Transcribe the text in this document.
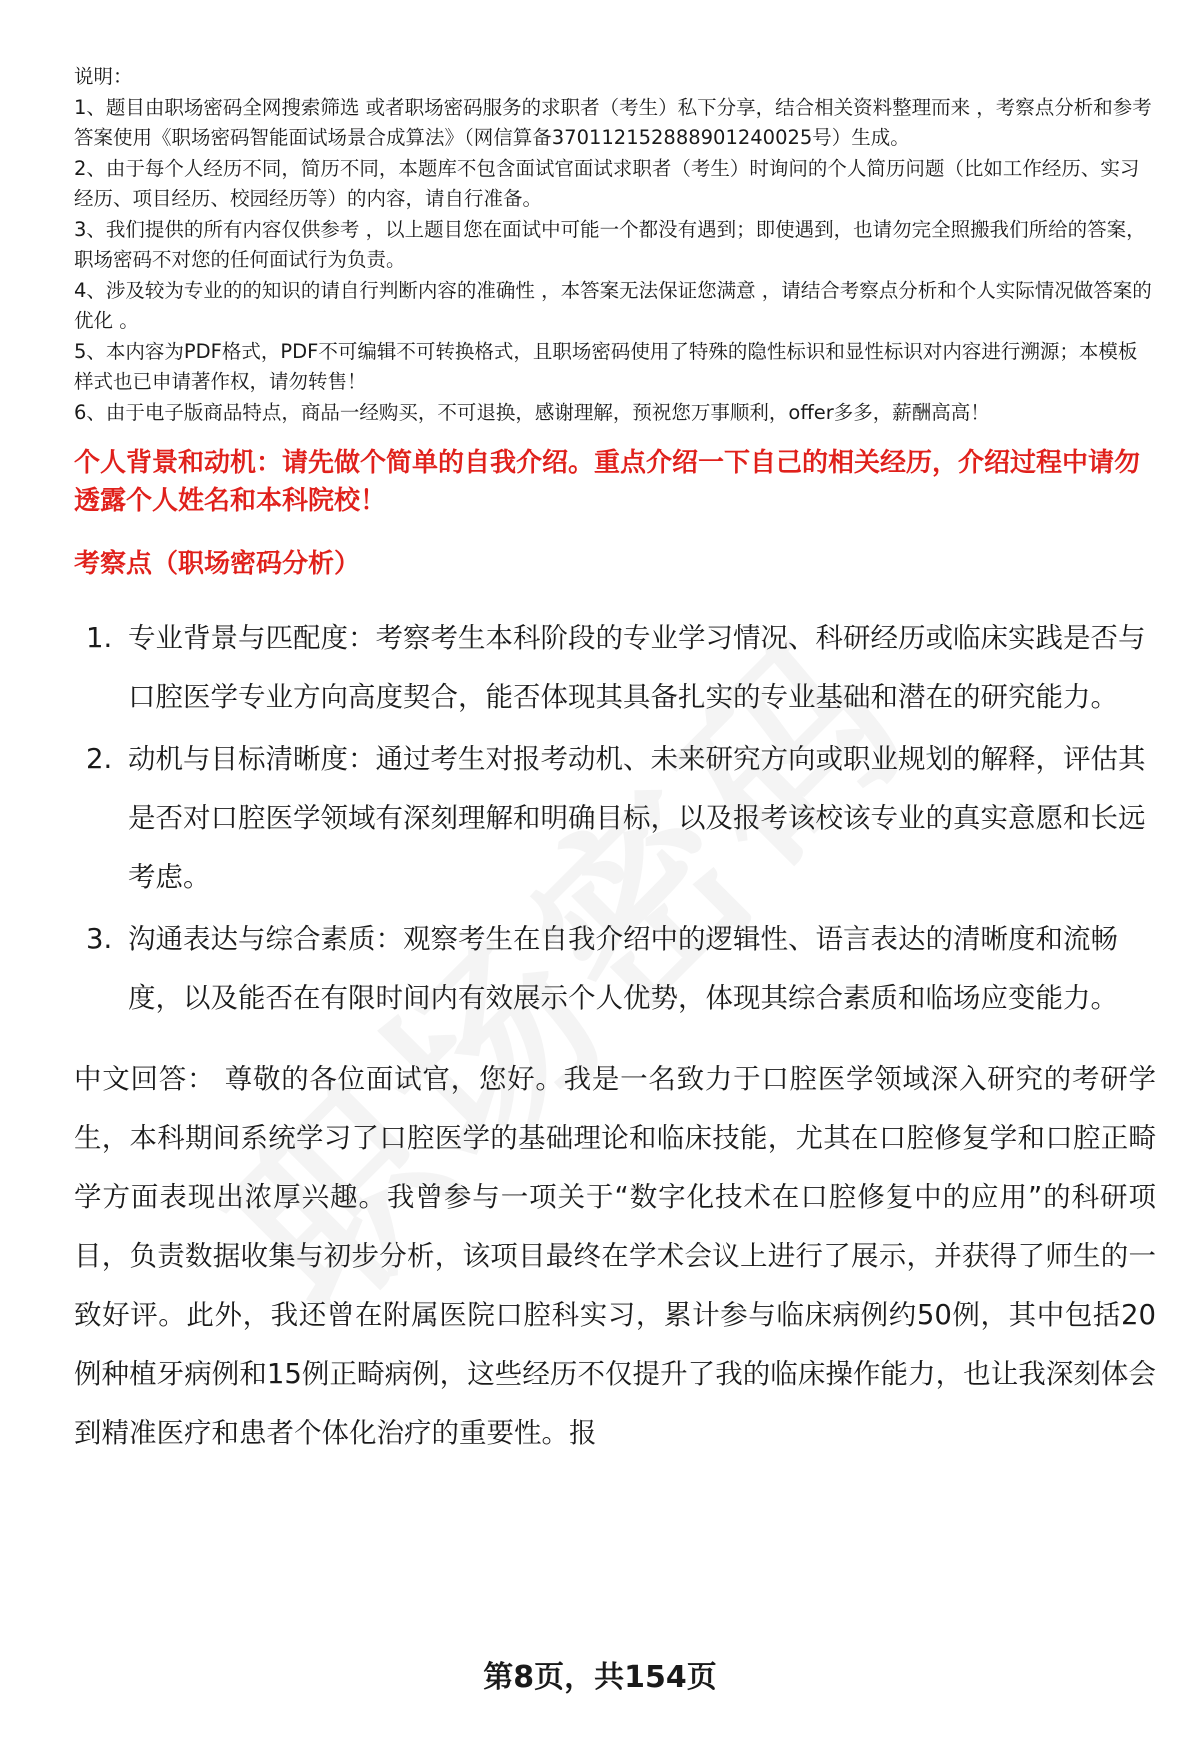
说明：

1、题目由职场密码全网搜索筛选 或者职场密码服务的求职者（考生）私下分享，结合相关资料整理而来 ，考察点分析和参考答案使用《职场密码智能面试场景合成算法》（网信算备370112152888901240025号）生成。

2、由于每个人经历不同，简历不同，本题库不包含面试官面试求职者（考生）时询问的个人简历问题（比如工作经历、实习经历、项目经历、校园经历等）的内容，请自行准备。

3、我们提供的所有内容仅供参考 ，以上题目您在面试中可能一个都没有遇到；即使遇到，也请勿完全照搬我们所给的答案，职场密码不对您的任何面试行为负责。

4、涉及较为专业的的知识的请自行判断内容的准确性 ，本答案无法保证您满意 ，请结合考察点分析和个人实际情况做答案的优化 。

5、本内容为PDF格式，PDF不可编辑不可转换格式，且职场密码使用了特殊的隐性标识和显性标识对内容进行溯源；本模板样式也已申请著作权，请勿转售！

6、由于电子版商品特点，商品一经购买，不可退换，感谢理解，预祝您万事顺利，offer多多，薪酬高高！

个人背景和动机：请先做个简单的自我介绍。重点介绍一下自己的相关经历，介绍过程中请勿透露个人姓名和本科院校！
考察点（职场密码分析）
1. 专业背景与匹配度：考察考生本科阶段的专业学习情况、科研经历或临床实践是否与口腔医学专业方向高度契合，能否体现其具备扎实的专业基础和潜在的研究能力。
2. 动机与目标清晰度：通过考生对报考动机、未来研究方向或职业规划的解释，评估其是否对口腔医学领域有深刻理解和明确目标，以及报考该校该专业的真实意愿和长远考虑。
3. 沟通表达与综合素质：观察考生在自我介绍中的逻辑性、语言表达的清晰度和流畅度，以及能否在有限时间内有效展示个人优势，体现其综合素质和临场应变能力。
中文回答： 尊敬的各位面试官，您好。我是一名致力于口腔医学领域深入研究的考研学生，本科期间系统学习了口腔医学的基础理论和临床技能，尤其在口腔修复学和口腔正畸学方面表现出浓厚兴趣。我曾参与一项关于“数字化技术在口腔修复中的应用”的科研项目，负责数据收集与初步分析，该项目最终在学术会议上进行了展示，并获得了师生的一致好评。此外，我还曾在附属医院口腔科实习，累计参与临床病例约50例，其中包括20例种植牙病例和15例正畸病例，这些经历不仅提升了我的临床操作能力，也让我深刻体会到精准医疗和患者个体化治疗的重要性。报
第8页，共154页
